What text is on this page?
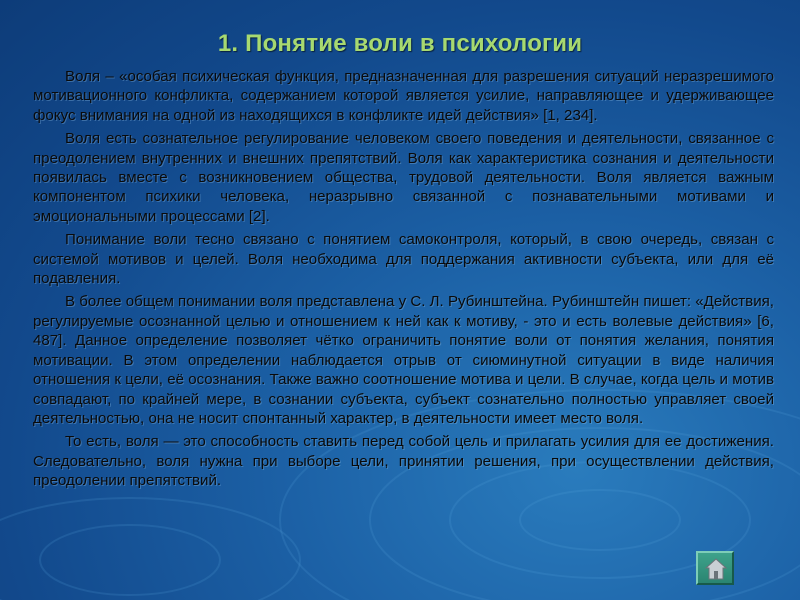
1. Понятие воли в психологии

Воля – «особая психическая функция, предназначенная для разрешения ситуаций неразрешимого мотивационного конфликта, содержанием которой является усилие, направляющее и удерживающее фокус внимания на одной из находящихся в конфликте идей действия» [1, 234].

Воля есть сознательное регулирование человеком своего поведения и деятельности, связанное с преодолением внутренних и внешних препятствий. Воля как характеристика сознания и деятельности появилась вместе с возникновением общества, трудовой деятельности. Воля является важным компонентом психики человека, неразрывно связанной с познавательными мотивами и эмоциональными процессами [2].

Понимание воли тесно связано с понятием самоконтроля, который, в свою очередь, связан с системой мотивов и целей. Воля необходима для поддержания активности субъекта, или для её подавления.

В более общем понимании воля представлена у С. Л. Рубинштейна. Рубинштейн пишет: «Действия, регулируемые осознанной целью и отношением к ней как к мотиву, - это и есть волевые действия» [6, 487]. Данное определение позволяет чётко ограничить понятие воли от понятия желания, понятия мотивации. В этом определении наблюдается отрыв от сиюминутной ситуации в виде наличия отношения к цели, её осознания. Также важно соотношение мотива и цели. В случае, когда цель и мотив совпадают, по крайней мере, в сознании субъекта, субъект сознательно полностью управляет своей деятельностью, она не носит спонтанный характер, в деятельности имеет место воля.

То есть, воля — это способность ставить перед собой цель и прилагать усилия для ее достижения. Следовательно, воля нужна при выборе цели, принятии решения, при осуществлении действия, преодолении препятствий.
